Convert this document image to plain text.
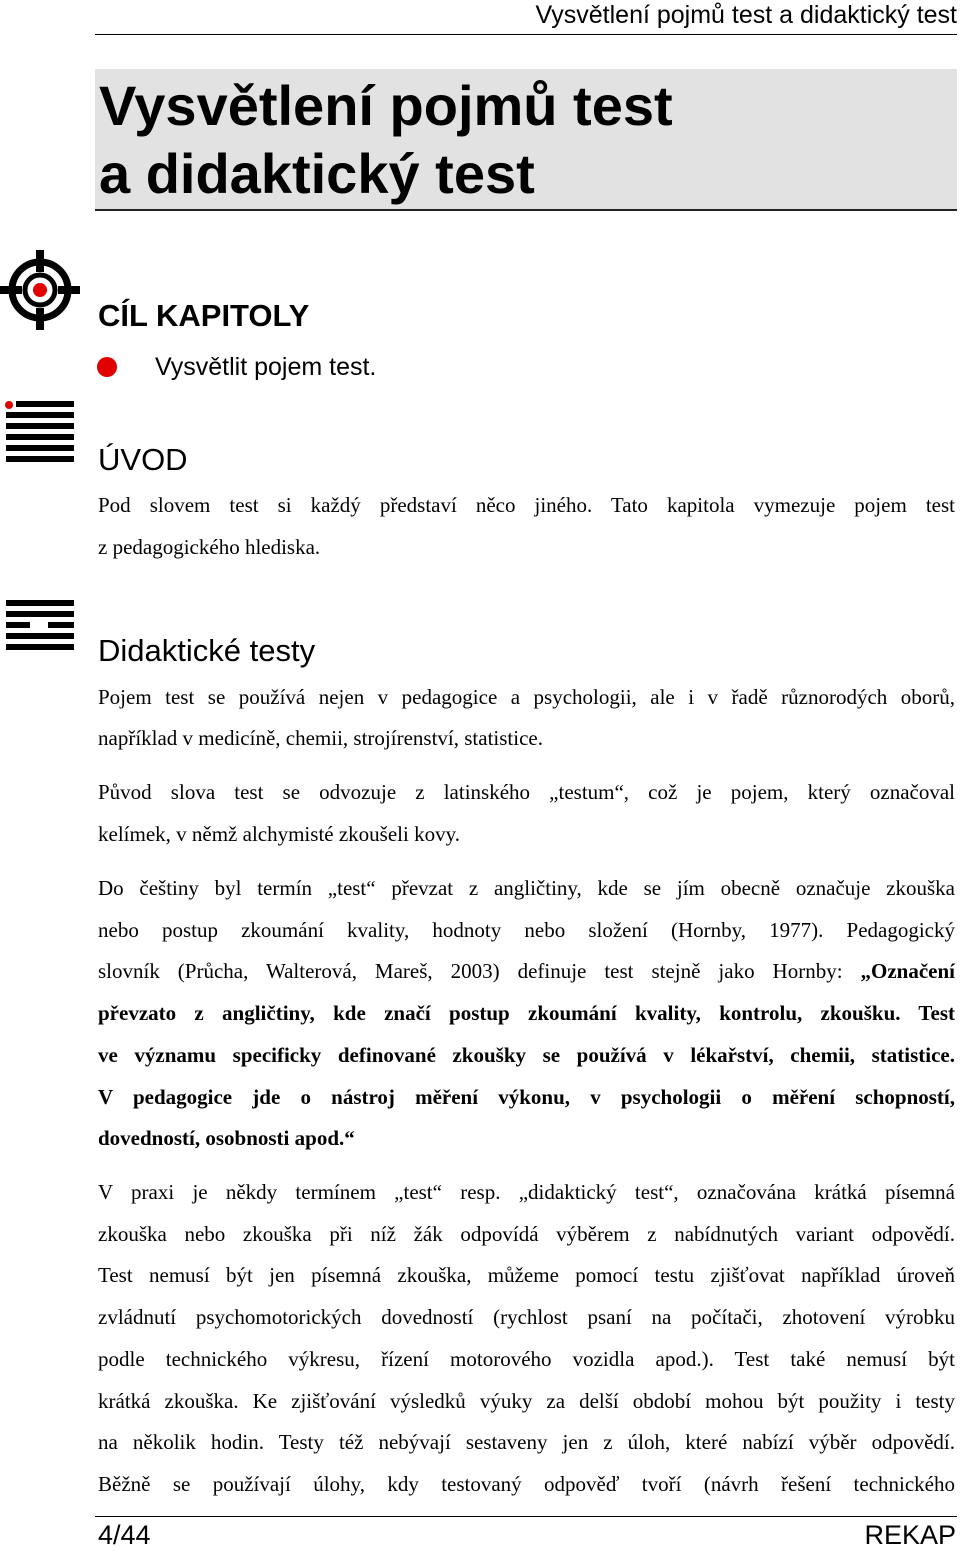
Vysvětlení pojmů test a didaktický test
Vysvětlení pojmů test
a didaktický test
CÍL KAPITOLY
Vysvětlit pojem test.
ÚVOD
Pod slovem test si každý představí něco jiného. Tato kapitola vymezuje pojem test
z pedagogického hlediska.
Didaktické testy
Pojem test se používá nejen v pedagogice a psychologii, ale i v řadě různorodých oborů,
například v medicíně, chemii, strojírenství, statistice.
Původ slova test se odvozuje z latinského „testum“, což je pojem, který označoval
kelímek, v němž alchymisté zkoušeli kovy.
Do češtiny byl termín „test“ převzat z angličtiny, kde se jím obecně označuje zkouška
nebo postup zkoumání kvality, hodnoty nebo složení (Hornby, 1977). Pedagogický
slovník (Průcha, Walterová, Mareš, 2003) definuje test stejně jako Hornby: „Označení
převzato z angličtiny, kde značí postup zkoumání kvality, kontrolu, zkoušku. Test
ve významu specificky definované zkoušky se používá v lékařství, chemii, statistice.
V pedagogice jde o nástroj měření výkonu, v psychologii o měření schopností,
dovedností, osobnosti apod.“
V praxi je někdy termínem „test“ resp. „didaktický test“, označována krátká písemná
zkouška nebo zkouška při níž žák odpovídá výběrem z nabídnutých variant odpovědí.
Test nemusí být jen písemná zkouška, můžeme pomocí testu zjišťovat například úroveň
zvládnutí psychomotorických dovedností (rychlost psaní na počítači, zhotovení výrobku
podle technického výkresu, řízení motorového vozidla apod.). Test také nemusí být
krátká zkouška. Ke zjišťování výsledků výuky za delší období mohou být použity i testy
na několik hodin. Testy též nebývají sestaveny jen z úloh, které nabízí výběr odpovědí.
Běžně se používají úlohy, kdy testovaný odpověď tvoří (návrh řešení technického
4/44	REKAP
